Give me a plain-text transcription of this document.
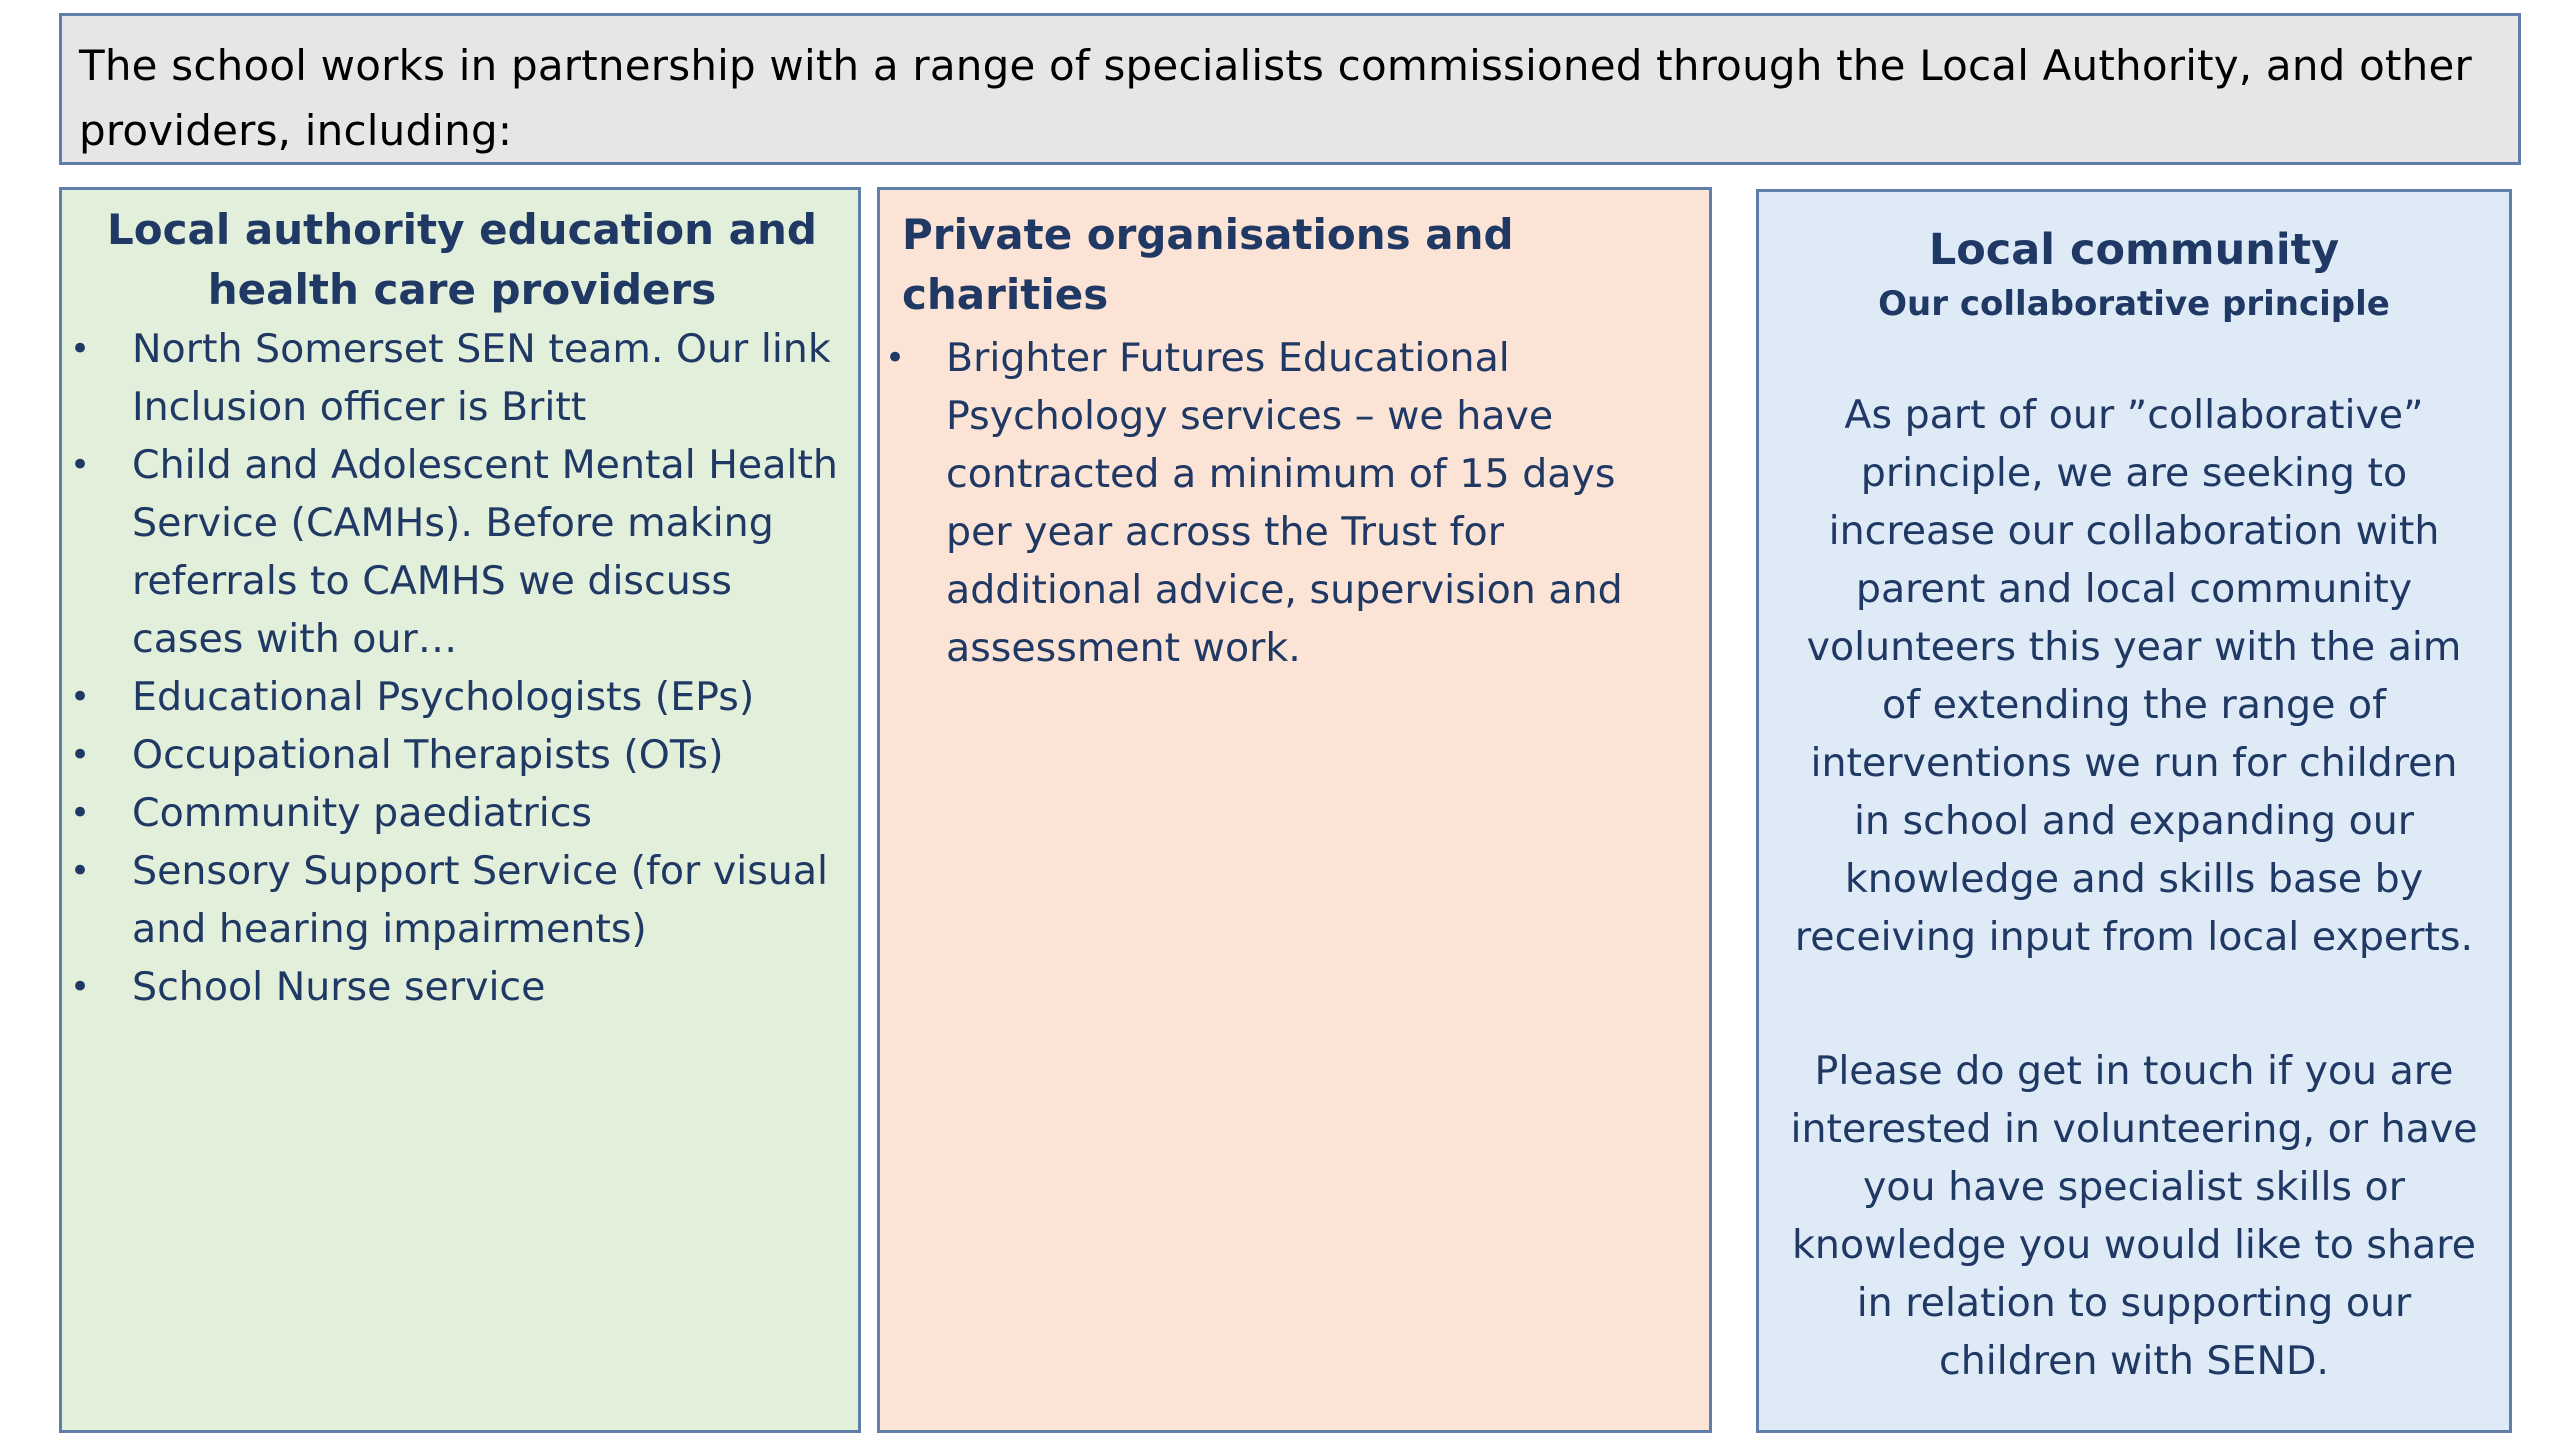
The school works in partnership with a range of specialists commissioned through the Local Authority, and other providers, including:
Local authority education and
health care providers
• North Somerset SEN team. Our link Inclusion officer is Britt
• Child and Adolescent Mental Health Service (CAMHs). Before making referrals to CAMHS we discuss cases with our…
• Educational Psychologists (EPs)
• Occupational Therapists (OTs)
• Community paediatrics
• Sensory Support Service (for visual and hearing impairments)
• School Nurse service
Private organisations and charities
• Brighter Futures Educational Psychology services – we have contracted a minimum of 15 days per year across the Trust for additional advice, supervision and assessment work.
Local community
Our collaborative principle

As part of our ”collaborative” principle, we are seeking to increase our collaboration with parent and local community volunteers this year with the aim of extending the range of interventions we run for children in school and expanding our knowledge and skills base by receiving input from local experts.

Please do get in touch if you are interested in volunteering, or have you have specialist skills or knowledge you would like to share in relation to supporting our children with SEND.
